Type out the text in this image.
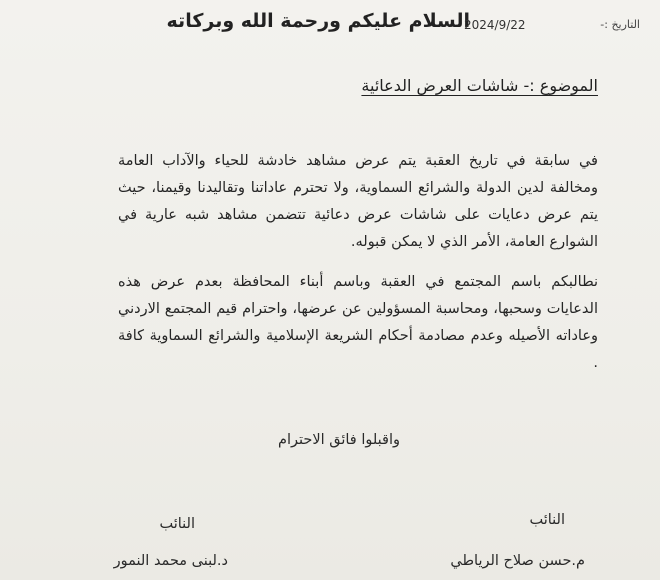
السلام عليكم ورحمة الله وبركاته
2024/9/22	التاريخ :-
الموضوع :- شاشات العرض الدعائية
في سابقة في تاريخ العقبة يتم عرض مشاهد خادشة للحياء والآداب العامة ومخالفة لدين الدولة والشرائع السماوية، ولا تحترم عاداتنا وتقاليدنا وقيمنا، حيث يتم عرض دعايات على شاشات عرض دعائية تتضمن مشاهد شبه عارية في الشوارع العامة، الأمر الذي لا يمكن قبوله.
نطالبكم باسم المجتمع في العقبة وباسم أبناء المحافظة بعدم عرض هذه الدعايات وسحبها، ومحاسبة المسؤولين عن عرضها، واحترام قيم المجتمع الاردني وعاداته الأصيله وعدم مصادمة أحكام الشريعة الإسلامية والشرائع السماوية كافة .
واقبلوا فائق الاحترام
النائب
م.حسن صلاح الرياطي
النائب
د.لبنى محمد النمور
